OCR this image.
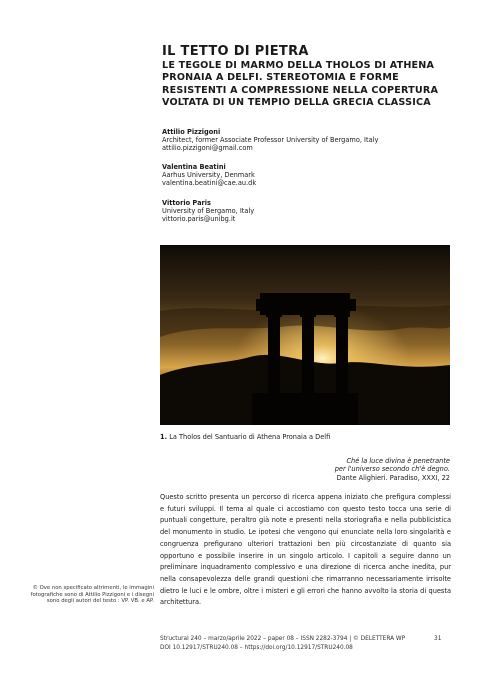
IL TETTO DI PIETRA
LE TEGOLE DI MARMO DELLA THOLOS DI ATHENA PRONAIA A DELFI. STEREOTOMIA E FORME RESISTENTI A COMPRESSIONE NELLA COPERTURA VOLTATA DI UN TEMPIO DELLA GRECIA CLASSICA
Attilio Pizzigoni
Architect, former Associate Professor University of Bergamo, Italy
attilio.pizzigoni@gmail.com
Valentina Beatini
Aarhus University, Denmark
valentina.beatini@cae.au.dk
Vittorio Paris
University of Bergamo, Italy
vittorio.paris@unibg.it
1. La Tholos del Santuario di Athena Pronaia a Delfi
Ché la luce divina è penetrante
per l'universo secondo ch'è degno.
Dante Alighieri. Paradiso, XXXI, 22
Questo scritto presenta un percorso di ricerca appena iniziato che prefigura complessi e futuri sviluppi. Il tema al quale ci accostiamo con questo testo tocca una serie di puntuali congetture, peraltro già note e presenti nella storiografia e nella pubblicistica del monumento in studio. Le ipotesi che vengono qui enunciate nella loro singolarità e congruenza prefigurano ulteriori trattazioni ben più circostanziate di quanto sia opportuno e possibile inserire in un singolo articolo. I capitoli a seguire danno un preliminare inquadramento complessivo e una direzione di ricerca anche inedita, pur nella consapevolezza delle grandi questioni che rimarranno necessariamente irrisolte dietro le luci e le ombre, oltre i misteri e gli errori che hanno avvolto la storia di questa architettura.
© Ove non specificato altrimenti, le immagini
fotografiche sono di Attilio Pizzigoni e i disegni
sono degli autori del testo : VP. VB. e AP.
Structural 240 – marzo/aprile 2022 – paper 08 – ISSN 2282-3794 | © DELETTERA WP
DOI 10.12917/STRU240.08 – https://doi.org/10.12917/STRU240.08
31
